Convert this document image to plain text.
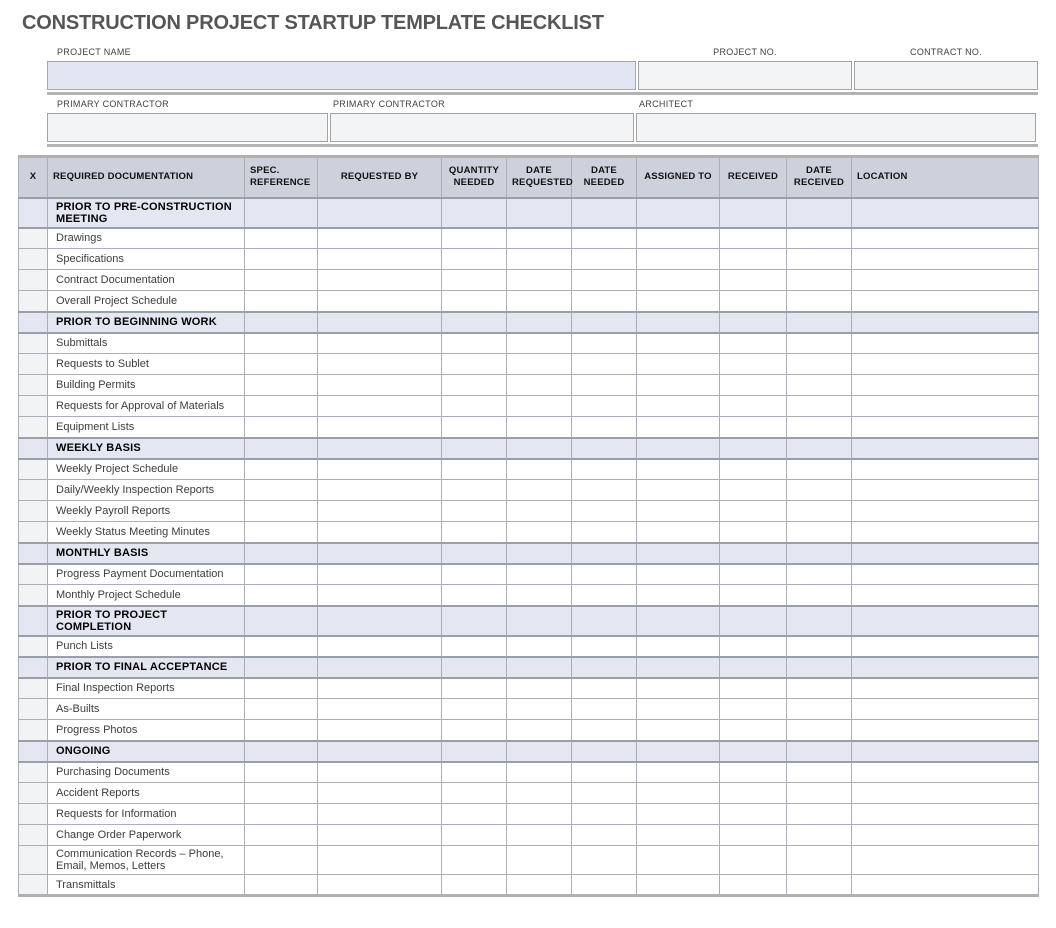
CONSTRUCTION PROJECT STARTUP TEMPLATE CHECKLIST
PROJECT NAME	PROJECT NO.	CONTRACT NO.
PRIMARY CONTRACTOR	PRIMARY CONTRACTOR	ARCHITECT
X	REQUIRED DOCUMENTATION	SPEC. REFERENCE	REQUESTED BY	QUANTITY NEEDED	DATE REQUESTED	DATE NEEDED	ASSIGNED TO	RECEIVED	DATE RECEIVED	LOCATION
	PRIOR TO PRE-CONSTRUCTION MEETING									
	Drawings									
	Specifications									
	Contract Documentation									
	Overall Project Schedule									
	PRIOR TO BEGINNING WORK									
	Submittals									
	Requests to Sublet									
	Building Permits									
	Requests for Approval of Materials									
	Equipment Lists									
	WEEKLY BASIS									
	Weekly Project Schedule									
	Daily/Weekly Inspection Reports									
	Weekly Payroll Reports									
	Weekly Status Meeting Minutes									
	MONTHLY BASIS									
	Progress Payment Documentation									
	Monthly Project Schedule									
	PRIOR TO PROJECT COMPLETION									
	Punch Lists									
	PRIOR TO FINAL ACCEPTANCE									
	Final Inspection Reports									
	As-Builts									
	Progress Photos									
	ONGOING									
	Purchasing Documents									
	Accident Reports									
	Requests for Information									
	Change Order Paperwork									
	Communication Records – Phone, Email, Memos, Letters									
	Transmittals									
